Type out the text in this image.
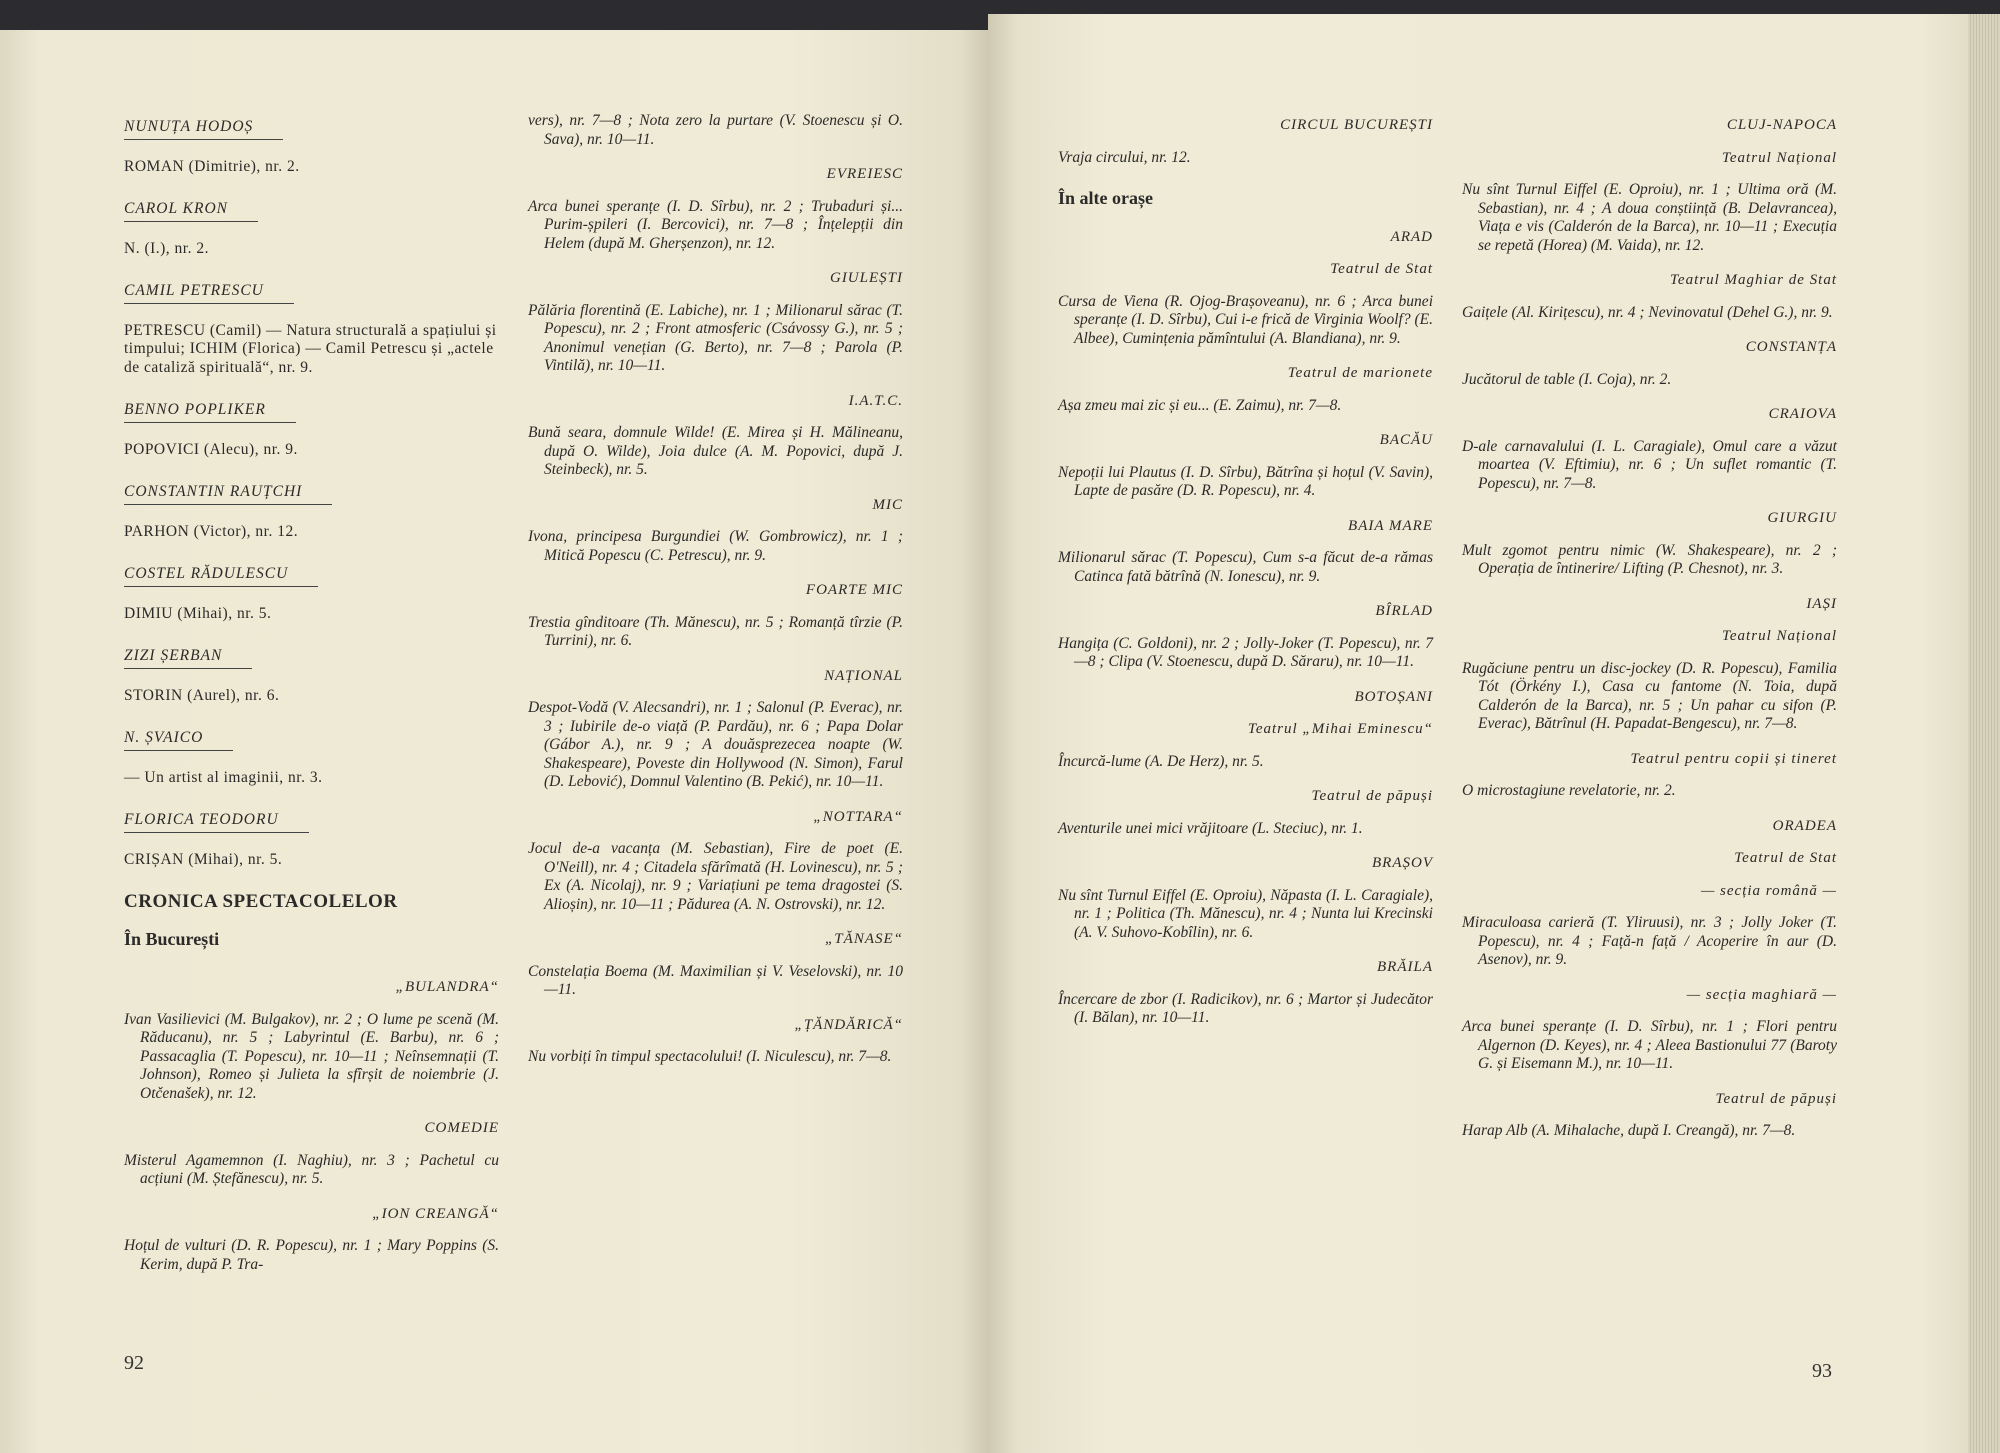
NUNUȚA HODOȘ
ROMAN (Dimitrie), nr. 2.
CAROL KRON
N. (I.), nr. 2.
CAMIL PETRESCU
PETRESCU (Camil) — Natura structurală a spațiului și timpului; ICHIM (Florica) — Camil Petrescu și „actele de cataliză spirituală“, nr. 9.
BENNO POPLIKER
POPOVICI (Alecu), nr. 9.
CONSTANTIN RAUȚCHI
PARHON (Victor), nr. 12.
COSTEL RĂDULESCU
DIMIU (Mihai), nr. 5.
ZIZI ȘERBAN
STORIN (Aurel), nr. 6.
N. ȘVAICO
— Un artist al imaginii, nr. 3.
FLORICA TEODORU
CRIȘAN (Mihai), nr. 5.
CRONICA SPECTACOLELOR
În București
„BULANDRA“
Ivan Vasilievici (M. Bulgakov), nr. 2 ; O lume pe scenă (M. Răducanu), nr. 5 ; Labyrintul (E. Barbu), nr. 6 ; Passacaglia (T. Popescu), nr. 10—11 ; Neînsemnații (T. Johnson), Romeo și Julieta la sfîrșit de noiembrie (J. Otčenašek), nr. 12.
COMEDIE
Misterul Agamemnon (I. Naghiu), nr. 3 ; Pachetul cu acțiuni (M. Ștefănescu), nr. 5.
„ION CREANGĂ“
Hoțul de vulturi (D. R. Popescu), nr. 1 ; Mary Poppins (S. Kerim, după P. Tra-
vers), nr. 7—8 ; Nota zero la purtare (V. Stoenescu și O. Sava), nr. 10—11.
EVREIESC
Arca bunei speranțe (I. D. Sîrbu), nr. 2 ; Trubaduri și... Purim-șpileri (I. Bercovici), nr. 7—8 ; Înțelepții din Helem (după M. Gherșenzon), nr. 12.
GIULEȘTI
Pălăria florentină (E. Labiche), nr. 1 ; Milionarul sărac (T. Popescu), nr. 2 ; Front atmosferic (Csávossy G.), nr. 5 ; Anonimul venețian (G. Berto), nr. 7—8 ; Parola (P. Vintilă), nr. 10—11.
I.A.T.C.
Bună seara, domnule Wilde! (E. Mirea și H. Mălineanu, după O. Wilde), Joia dulce (A. M. Popovici, după J. Steinbeck), nr. 5.
MIC
Ivona, principesa Burgundiei (W. Gombrowicz), nr. 1 ; Mitică Popescu (C. Petrescu), nr. 9.
FOARTE MIC
Trestia gînditoare (Th. Mănescu), nr. 5 ; Romanță tîrzie (P. Turrini), nr. 6.
NAȚIONAL
Despot-Vodă (V. Alecsandri), nr. 1 ; Salonul (P. Everac), nr. 3 ; Iubirile de-o viață (P. Pardău), nr. 6 ; Papa Dolar (Gábor A.), nr. 9 ; A douăsprezecea noapte (W. Shakespeare), Poveste din Hollywood (N. Simon), Farul (D. Lebović), Domnul Valentino (B. Pekić), nr. 10—11.
„NOTTARA“
Jocul de-a vacanța (M. Sebastian), Fire de poet (E. O'Neill), nr. 4 ; Citadela sfărîmată (H. Lovinescu), nr. 5 ; Ex (A. Nicolaj), nr. 9 ; Variațiuni pe tema dragostei (S. Alioșin), nr. 10—11 ; Pădurea (A. N. Ostrovski), nr. 12.
„TĂNASE“
Constelația Boema (M. Maximilian și V. Veselovski), nr. 10—11.
„ȚĂNDĂRICĂ“
Nu vorbiți în timpul spectacolului! (I. Niculescu), nr. 7—8.
92
CIRCUL BUCUREȘTI
Vraja circului, nr. 12.
În alte orașe
ARAD
Teatrul de Stat
Cursa de Viena (R. Ojog-Brașoveanu), nr. 6 ; Arca bunei speranțe (I. D. Sîrbu), Cui i-e frică de Virginia Woolf? (E. Albee), Cumințenia pămîntului (A. Blandiana), nr. 9.
Teatrul de marionete
Așa zmeu mai zic și eu... (E. Zaimu), nr. 7—8.
BACĂU
Nepoții lui Plautus (I. D. Sîrbu), Bătrîna și hoțul (V. Savin), Lapte de pasăre (D. R. Popescu), nr. 4.
BAIA MARE
Milionarul sărac (T. Popescu), Cum s-a făcut de-a rămas Catinca fată bătrînă (N. Ionescu), nr. 9.
BÎRLAD
Hangița (C. Goldoni), nr. 2 ; Jolly-Joker (T. Popescu), nr. 7—8 ; Clipa (V. Stoenescu, după D. Săraru), nr. 10—11.
BOTOȘANI
Teatrul „Mihai Eminescu“
Încurcă-lume (A. De Herz), nr. 5.
Teatrul de păpuși
Aventurile unei mici vrăjitoare (L. Steciuc), nr. 1.
BRAȘOV
Nu sînt Turnul Eiffel (E. Oproiu), Năpasta (I. L. Caragiale), nr. 1 ; Politica (Th. Mănescu), nr. 4 ; Nunta lui Krecinski (A. V. Suhovo-Kobîlin), nr. 6.
BRĂILA
Încercare de zbor (I. Radicikov), nr. 6 ; Martor și Judecător (I. Bălan), nr. 10—11.
CLUJ-NAPOCA
Teatrul Național
Nu sînt Turnul Eiffel (E. Oproiu), nr. 1 ; Ultima oră (M. Sebastian), nr. 4 ; A doua conștiință (B. Delavrancea), Viața e vis (Calderón de la Barca), nr. 10—11 ; Execuția se repetă (Horea) (M. Vaida), nr. 12.
Teatrul Maghiar de Stat
Gaițele (Al. Kirițescu), nr. 4 ; Nevinovatul (Dehel G.), nr. 9.
CONSTANȚA
Jucătorul de table (I. Coja), nr. 2.
CRAIOVA
D-ale carnavalului (I. L. Caragiale), Omul care a văzut moartea (V. Eftimiu), nr. 6 ; Un suflet romantic (T. Popescu), nr. 7—8.
GIURGIU
Mult zgomot pentru nimic (W. Shakespeare), nr. 2 ; Operația de întinerire/ Lifting (P. Chesnot), nr. 3.
IAȘI
Teatrul Național
Rugăciune pentru un disc-jockey (D. R. Popescu), Familia Tót (Örkény I.), Casa cu fantome (N. Toia, după Calderón de la Barca), nr. 5 ; Un pahar cu sifon (P. Everac), Bătrînul (H. Papadat-Bengescu), nr. 7—8.
Teatrul pentru copii și tineret
O microstagiune revelatorie, nr. 2.
ORADEA
Teatrul de Stat
— secția română —
Miraculoasa carieră (T. Yliruusi), nr. 3 ; Jolly Joker (T. Popescu), nr. 4 ; Față-n față / Acoperire în aur (D. Asenov), nr. 9.
— secția maghiară —
Arca bunei speranțe (I. D. Sîrbu), nr. 1 ; Flori pentru Algernon (D. Keyes), nr. 4 ; Aleea Bastionului 77 (Baroty G. și Eisemann M.), nr. 10—11.
Teatrul de păpuși
Harap Alb (A. Mihalache, după I. Creangă), nr. 7—8.
93
